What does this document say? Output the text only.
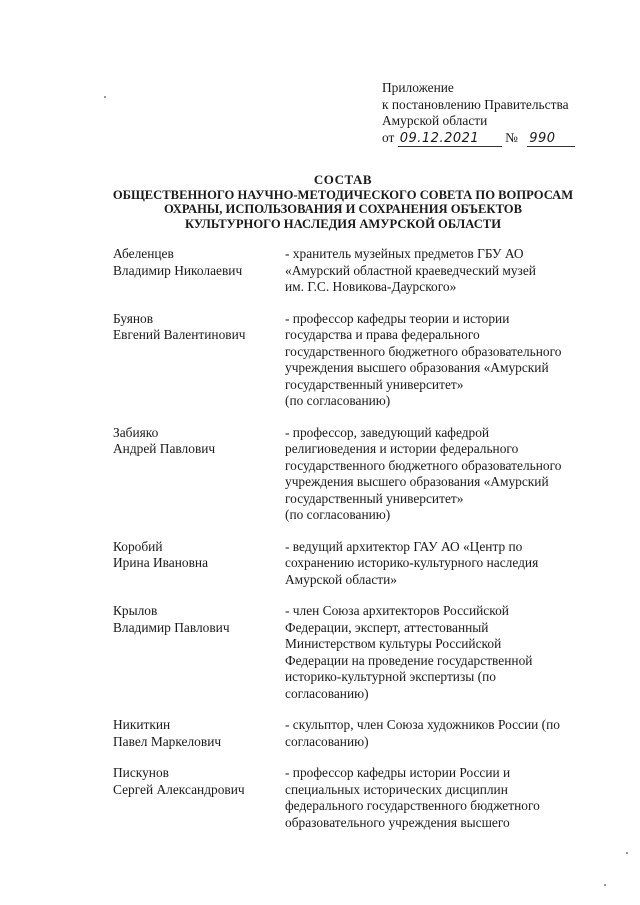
Приложение
к постановлению Правительства
Амурской области
от 09.12.2021 № 990
СОСТАВ
ОБЩЕСТВЕННОГО НАУЧНО-МЕТОДИЧЕСКОГО СОВЕТА ПО ВОПРОСАМ
ОХРАНЫ, ИСПОЛЬЗОВАНИЯ И СОХРАНЕНИЯ ОБЪЕКТОВ
КУЛЬТУРНОГО НАСЛЕДИЯ АМУРСКОЙ ОБЛАСТИ
Абеленцев
Владимир Николаевич
- хранитель музейных предметов ГБУ АО
«Амурский областной краеведческий музей
им. Г.С. Новикова-Даурского»
Буянов
Евгений Валентинович
- профессор кафедры теории и истории
государства и права федерального
государственного бюджетного образовательного
учреждения высшего образования «Амурский
государственный университет»
(по согласованию)
Забияко
Андрей Павлович
- профессор, заведующий кафедрой
религиоведения и истории федерального
государственного бюджетного образовательного
учреждения высшего образования «Амурский
государственный университет»
(по согласованию)
Коробий
Ирина Ивановна
- ведущий архитектор ГАУ АО «Центр по
сохранению историко-культурного наследия
Амурской области»
Крылов
Владимир Павлович
- член Союза архитекторов Российской
Федерации, эксперт, аттестованный
Министерством культуры Российской
Федерации на проведение государственной
историко-культурной экспертизы (по
согласованию)
Никиткин
Павел Маркелович
- скульптор, член Союза художников России (по
согласованию)
Пискунов
Сергей Александрович
- профессор кафедры истории России и
специальных исторических дисциплин
федерального государственного бюджетного
образовательного учреждения высшего
